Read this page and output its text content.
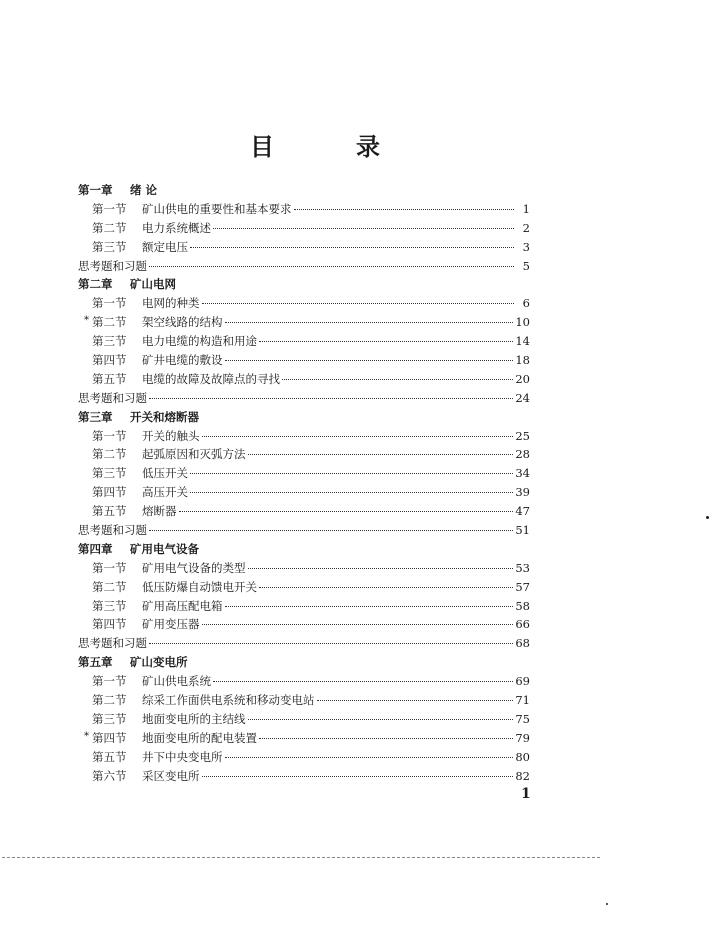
目	录
第一章	绪 论
第一节	矿山供电的重要性和基本要求	1
第二节	电力系统概述	2
第三节	额定电压	3
思考题和习题	5
第二章	矿山电网
第一节	电网的种类	6
* 第二节	架空线路的结构	10
第三节	电力电缆的构造和用途	14
第四节	矿井电缆的敷设	18
第五节	电缆的故障及故障点的寻找	20
思考题和习题	24
第三章	开关和熔断器
第一节	开关的触头	25
第二节	起弧原因和灭弧方法	28
第三节	低压开关	34
第四节	高压开关	39
第五节	熔断器	47
思考题和习题	51
第四章	矿用电气设备
第一节	矿用电气设备的类型	53
第二节	低压防爆自动馈电开关	57
第三节	矿用高压配电箱	58
第四节	矿用变压器	66
思考题和习题	68
第五章	矿山变电所
第一节	矿山供电系统	69
第二节	综采工作面供电系统和移动变电站	71
第三节	地面变电所的主结线	75
* 第四节	地面变电所的配电装置	79
第五节	井下中央变电所	80
第六节	采区变电所	82
1
